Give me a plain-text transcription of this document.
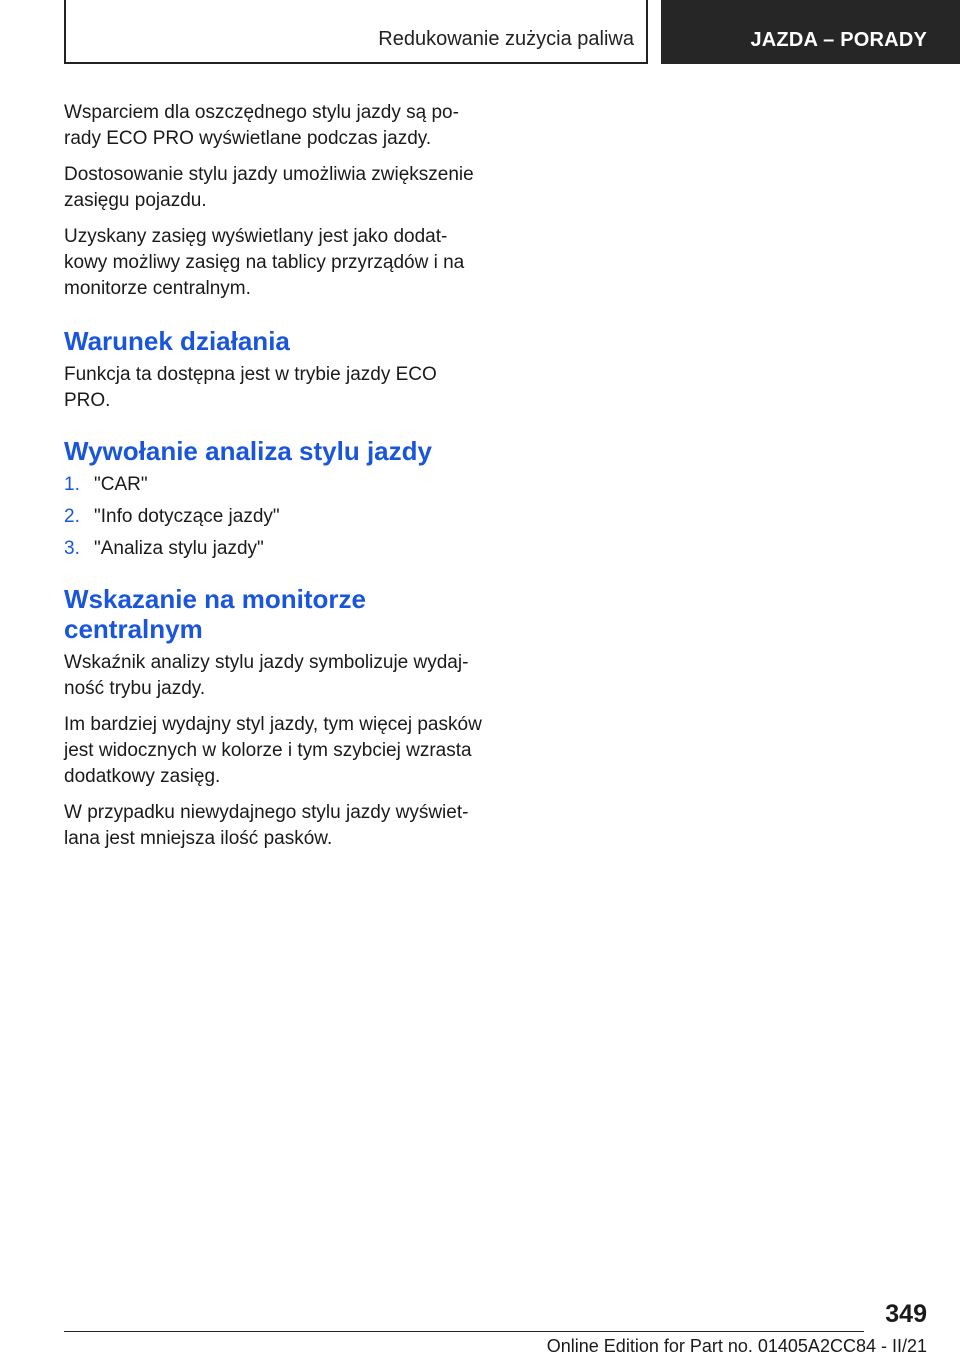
Redukowanie zużycia paliwa	JAZDA – PORADY

Wsparciem dla oszczędnego stylu jazdy są porady ECO PRO wyświetlane podczas jazdy.

Dostosowanie stylu jazdy umożliwia zwiększenie zasięgu pojazdu.

Uzyskany zasięg wyświetlany jest jako dodatkowy możliwy zasięg na tablicy przyrządów i na monitorze centralnym.

Warunek działania

Funkcja ta dostępna jest w trybie jazdy ECO PRO.

Wywołanie analiza stylu jazdy
1. "CAR"
2. "Info dotyczące jazdy"
3. "Analiza stylu jazdy"
Wskazanie na monitorze centralnym

Wskaźnik analizy stylu jazdy symbolizuje wydajność trybu jazdy.

Im bardziej wydajny styl jazdy, tym więcej pasków jest widocznych w kolorze i tym szybciej wzrasta dodatkowy zasięg.

W przypadku niewydajnego stylu jazdy wyświetlana jest mniejsza ilość pasków.

349
Online Edition for Part no. 01405A2CC84 - II/21
